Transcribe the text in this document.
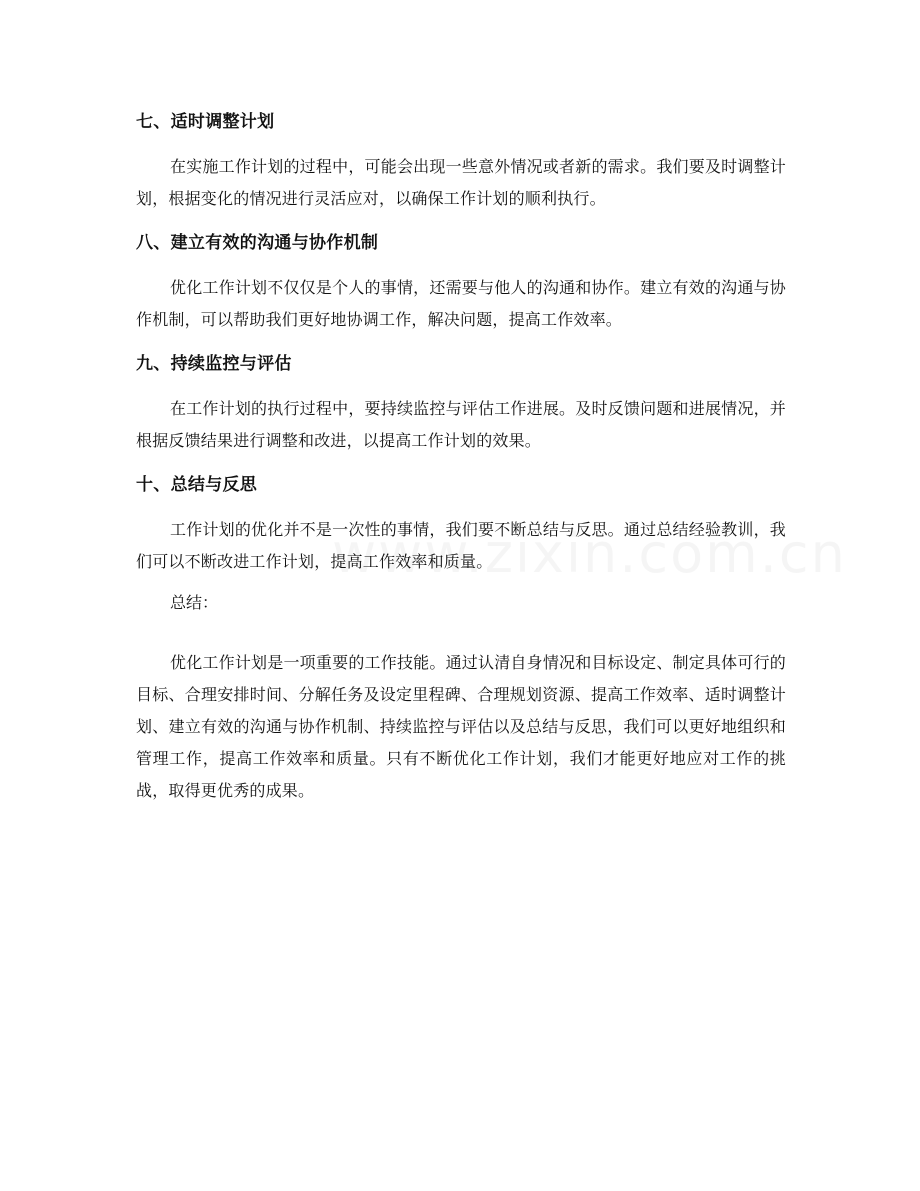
七、适时调整计划

在实施工作计划的过程中，可能会出现一些意外情况或者新的需求。我们要及时调整计划，根据变化的情况进行灵活应对，以确保工作计划的顺利执行。

八、建立有效的沟通与协作机制

优化工作计划不仅仅是个人的事情，还需要与他人的沟通和协作。建立有效的沟通与协作机制，可以帮助我们更好地协调工作，解决问题，提高工作效率。

九、持续监控与评估

在工作计划的执行过程中，要持续监控与评估工作进展。及时反馈问题和进展情况，并根据反馈结果进行调整和改进，以提高工作计划的效果。

十、总结与反思

工作计划的优化并不是一次性的事情，我们要不断总结与反思。通过总结经验教训，我们可以不断改进工作计划，提高工作效率和质量。

总结：

优化工作计划是一项重要的工作技能。通过认清自身情况和目标设定、制定具体可行的目标、合理安排时间、分解任务及设定里程碑、合理规划资源、提高工作效率、适时调整计划、建立有效的沟通与协作机制、持续监控与评估以及总结与反思，我们可以更好地组织和管理工作，提高工作效率和质量。只有不断优化工作计划，我们才能更好地应对工作的挑战，取得更优秀的成果。
